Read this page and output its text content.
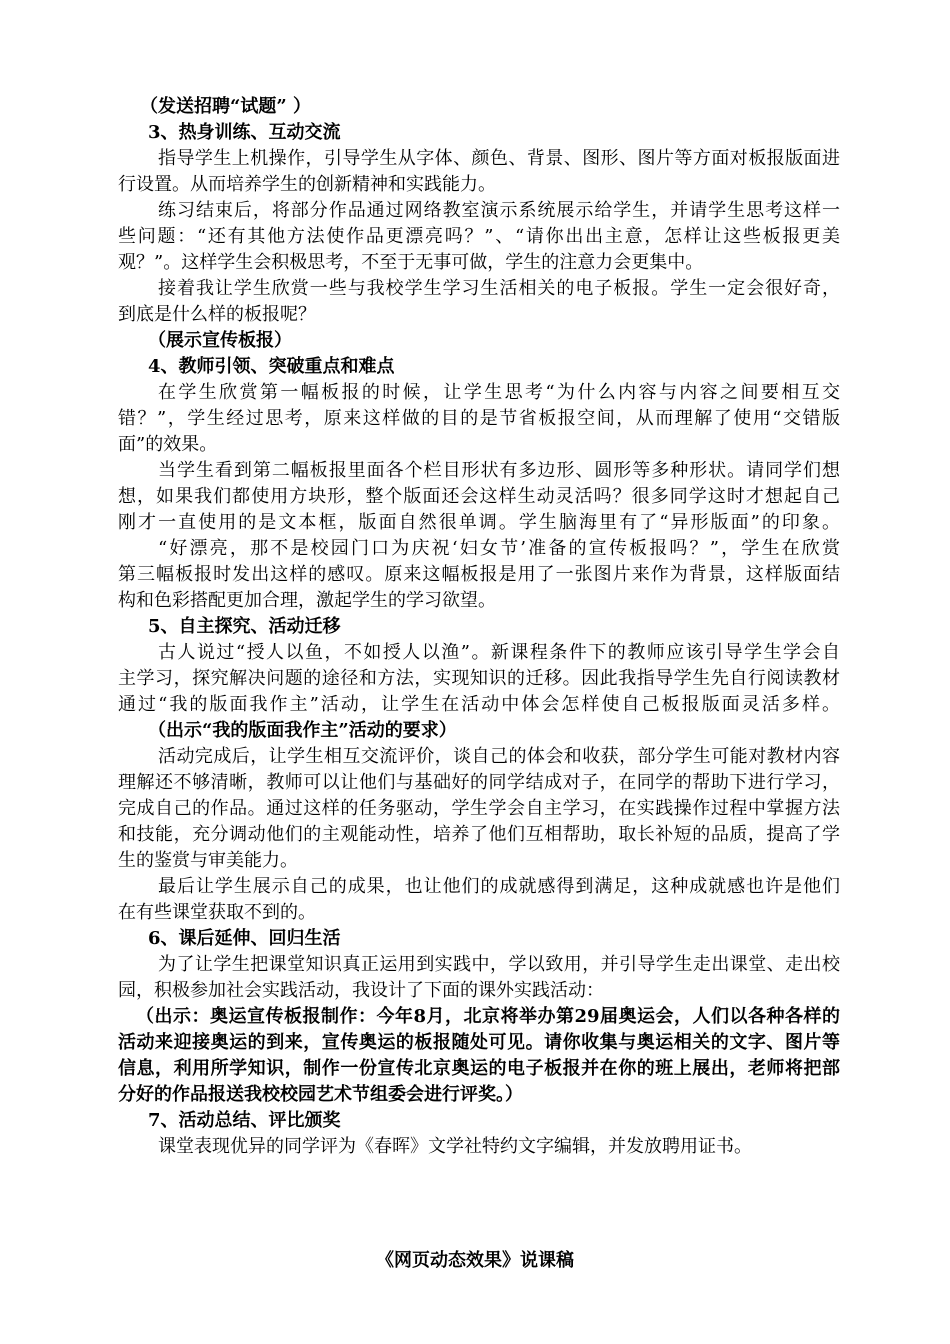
（发送招聘“试题” ）
3、热身训练、互动交流
指导学生上机操作，引导学生从字体、颜色、背景、图形、图片等方面对板报版面进
行设置。从而培养学生的创新精神和实践能力。
练习结束后，将部分作品通过网络教室演示系统展示给学生，并请学生思考这样一
些问题：“还有其他方法使作品更漂亮吗？”、“请你出出主意，怎样让这些板报更美
观？”。这样学生会积极思考，不至于无事可做，学生的注意力会更集中。
接着我让学生欣赏一些与我校学生学习生活相关的电子板报。学生一定会很好奇，
到底是什么样的板报呢？
（展示宣传板报）
4、教师引领、突破重点和难点
在学生欣赏第一幅板报的时候，让学生思考“为什么内容与内容之间要相互交
错？”，学生经过思考，原来这样做的目的是节省板报空间，从而理解了使用“交错版
面”的效果。
当学生看到第二幅板报里面各个栏目形状有多边形、圆形等多种形状。请同学们想
想，如果我们都使用方块形，整个版面还会这样生动灵活吗？很多同学这时才想起自己
刚才一直使用的是文本框，版面自然很单调。学生脑海里有了“异形版面”的印象。
“好漂亮，那不是校园门口为庆祝‘妇女节’准备的宣传板报吗？”，学生在欣赏
第三幅板报时发出这样的感叹。原来这幅板报是用了一张图片来作为背景，这样版面结
构和色彩搭配更加合理，激起学生的学习欲望。
5、自主探究、活动迁移
古人说过“授人以鱼，不如授人以渔”。新课程条件下的教师应该引导学生学会自
主学习，探究解决问题的途径和方法，实现知识的迁移。因此我指导学生先自行阅读教材
通过“我的版面我作主”活动，让学生在活动中体会怎样使自己板报版面灵活多样。
（出示“我的版面我作主”活动的要求）
活动完成后，让学生相互交流评价，谈自己的体会和收获，部分学生可能对教材内容
理解还不够清晰，教师可以让他们与基础好的同学结成对子，在同学的帮助下进行学习，
完成自己的作品。通过这样的任务驱动，学生学会自主学习，在实践操作过程中掌握方法
和技能，充分调动他们的主观能动性，培养了他们互相帮助，取长补短的品质，提高了学
生的鉴赏与审美能力。
最后让学生展示自己的成果，也让他们的成就感得到满足，这种成就感也许是他们
在有些课堂获取不到的。
6、课后延伸、回归生活
为了让学生把课堂知识真正运用到实践中，学以致用，并引导学生走出课堂、走出校
园，积极参加社会实践活动，我设计了下面的课外实践活动：
（出示：奥运宣传板报制作：今年8月，北京将举办第29届奥运会，人们以各种各样的
活动来迎接奥运的到来，宣传奥运的板报随处可见。请你收集与奥运相关的文字、图片等
信息，利用所学知识，制作一份宣传北京奥运的电子板报并在你的班上展出，老师将把部
分好的作品报送我校校园艺术节组委会进行评奖。）
7、活动总结、评比颁奖
课堂表现优异的同学评为《春晖》文学社特约文字编辑，并发放聘用证书。
《网页动态效果》说课稿
